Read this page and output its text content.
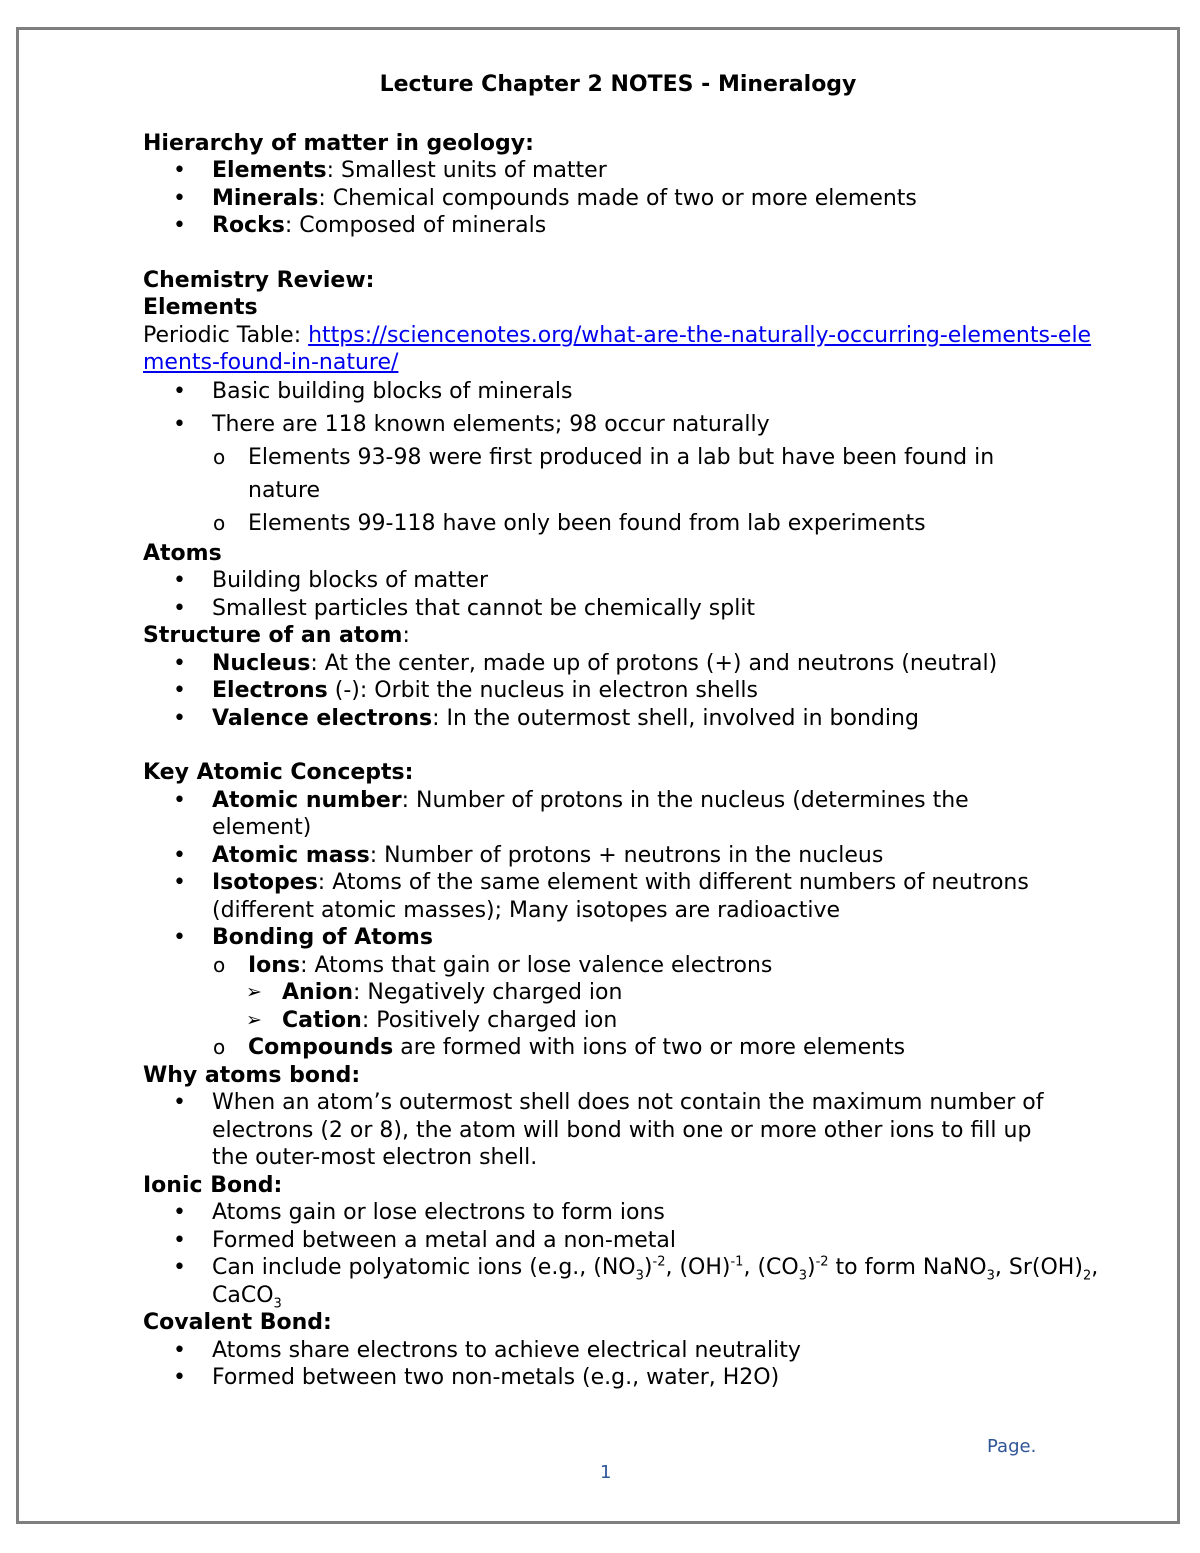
Lecture Chapter 2 NOTES - Mineralogy
Hierarchy of matter in geology:
• Elements: Smallest units of matter
• Minerals: Chemical compounds made of two or more elements
• Rocks: Composed of minerals
Chemistry Review:
Elements
Periodic Table: https://sciencenotes.org/what-are-the-naturally-occurring-elements-elements-found-in-nature/
• Basic building blocks of minerals
• There are 118 known elements; 98 occur naturally
o Elements 93-98 were first produced in a lab but have been found in nature
o Elements 99-118 have only been found from lab experiments
Atoms
• Building blocks of matter
• Smallest particles that cannot be chemically split
Structure of an atom:
• Nucleus: At the center, made up of protons (+) and neutrons (neutral)
• Electrons (-): Orbit the nucleus in electron shells
• Valence electrons: In the outermost shell, involved in bonding
Key Atomic Concepts:
• Atomic number: Number of protons in the nucleus (determines the element)
• Atomic mass: Number of protons + neutrons in the nucleus
• Isotopes: Atoms of the same element with different numbers of neutrons (different atomic masses); Many isotopes are radioactive
• Bonding of Atoms
o Ions: Atoms that gain or lose valence electrons
➢ Anion: Negatively charged ion
➢ Cation: Positively charged ion
o Compounds are formed with ions of two or more elements
Why atoms bond:
• When an atom’s outermost shell does not contain the maximum number of electrons (2 or 8), the atom will bond with one or more other ions to fill up the outer-most electron shell.
Ionic Bond:
• Atoms gain or lose electrons to form ions
• Formed between a metal and a non-metal
• Can include polyatomic ions (e.g., $(NO_3)^{-2}$, (OH)$^{-1}$, $(CO_3)^{-2}$ to form NaNO$_3$, $Sr(OH)_2$, CaCO$_3$
Covalent Bond:
• Atoms share electrons to achieve electrical neutrality
• Formed between two non-metals (e.g., water, H2O)
Page.
1
